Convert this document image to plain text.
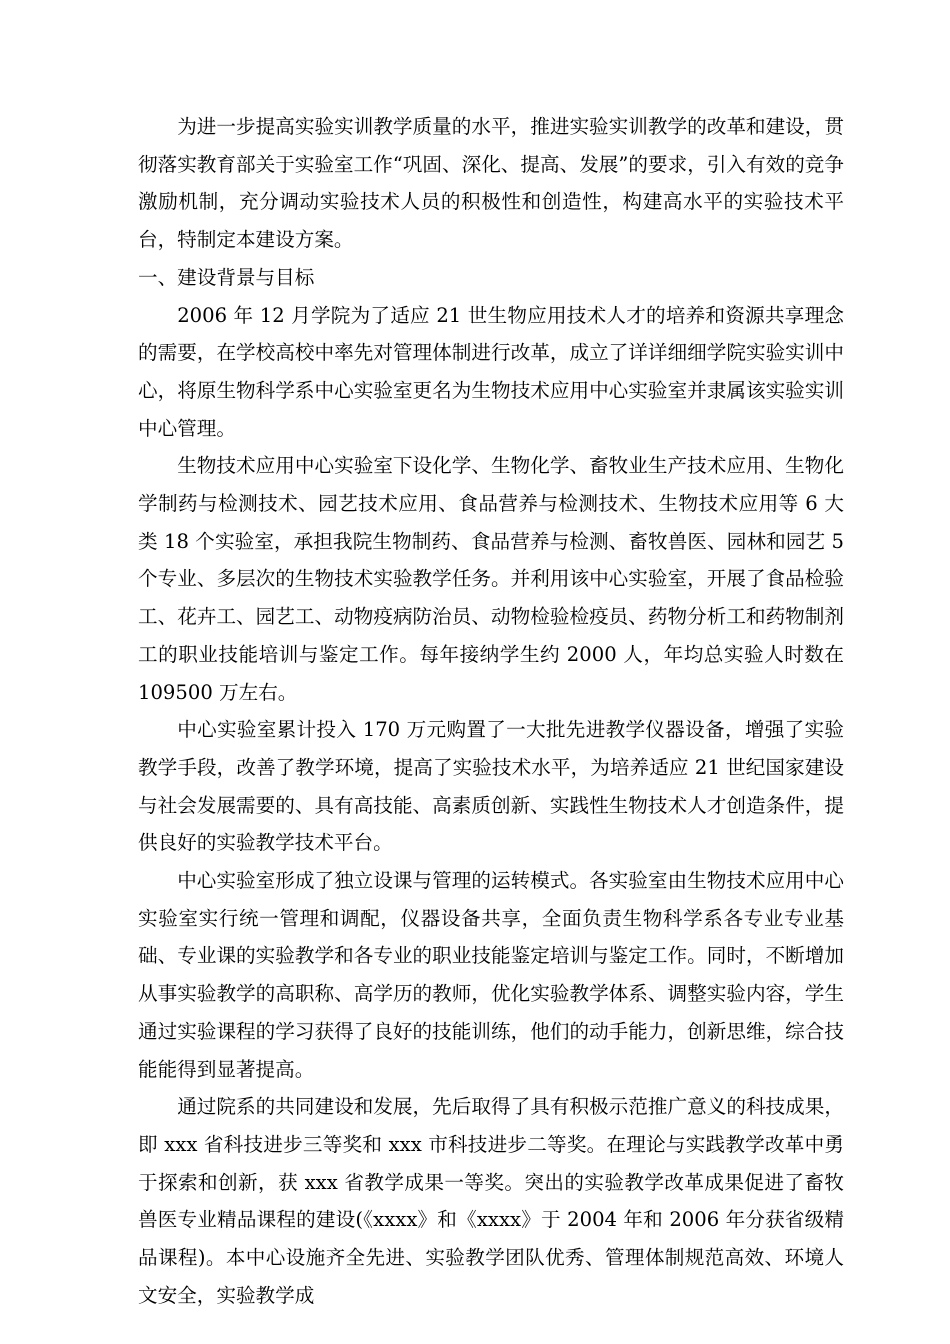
为进一步提高实验实训教学质量的水平，推进实验实训教学的改革和建设，贯彻落实教育部关于实验室工作“巩固、深化、提高、发展”的要求，引入有效的竞争激励机制，充分调动实验技术人员的积极性和创造性，构建高水平的实验技术平台，特制定本建设方案。

一、建设背景与目标

2006 年 12 月学院为了适应 21 世生物应用技术人才的培养和资源共享理念的需要，在学校高校中率先对管理体制进行改革，成立了详详细细学院实验实训中心，将原生物科学系中心实验室更名为生物技术应用中心实验室并隶属该实验实训中心管理。

生物技术应用中心实验室下设化学、生物化学、畜牧业生产技术应用、生物化学制药与检测技术、园艺技术应用、食品营养与检测技术、生物技术应用等 6 大类 18 个实验室，承担我院生物制药、食品营养与检测、畜牧兽医、园林和园艺 5 个专业、多层次的生物技术实验教学任务。并利用该中心实验室，开展了食品检验工、花卉工、园艺工、动物疫病防治员、动物检验检疫员、药物分析工和药物制剂工的职业技能培训与鉴定工作。每年接纳学生约 2000 人，年均总实验人时数在 109500 万左右。

中心实验室累计投入 170 万元购置了一大批先进教学仪器设备，增强了实验教学手段，改善了教学环境，提高了实验技术水平，为培养适应 21 世纪国家建设与社会发展需要的、具有高技能、高素质创新、实践性生物技术人才创造条件，提供良好的实验教学技术平台。

中心实验室形成了独立设课与管理的运转模式。各实验室由生物技术应用中心实验室实行统一管理和调配，仪器设备共享，全面负责生物科学系各专业专业基础、专业课的实验教学和各专业的职业技能鉴定培训与鉴定工作。同时，不断增加从事实验教学的高职称、高学历的教师，优化实验教学体系、调整实验内容，学生通过实验课程的学习获得了良好的技能训练，他们的动手能力，创新思维，综合技能能得到显著提高。

通过院系的共同建设和发展，先后取得了具有积极示范推广意义的科技成果，即 xxx 省科技进步三等奖和 xxx 市科技进步二等奖。在理论与实践教学改革中勇于探索和创新，获 xxx 省教学成果一等奖。突出的实验教学改革成果促进了畜牧兽医专业精品课程的建设(《xxxx》和《xxxx》于 2004 年和 2006 年分获省级精品课程)。本中心设施齐全先进、实验教学团队优秀、管理体制规范高效、环境人文安全，实验教学成
